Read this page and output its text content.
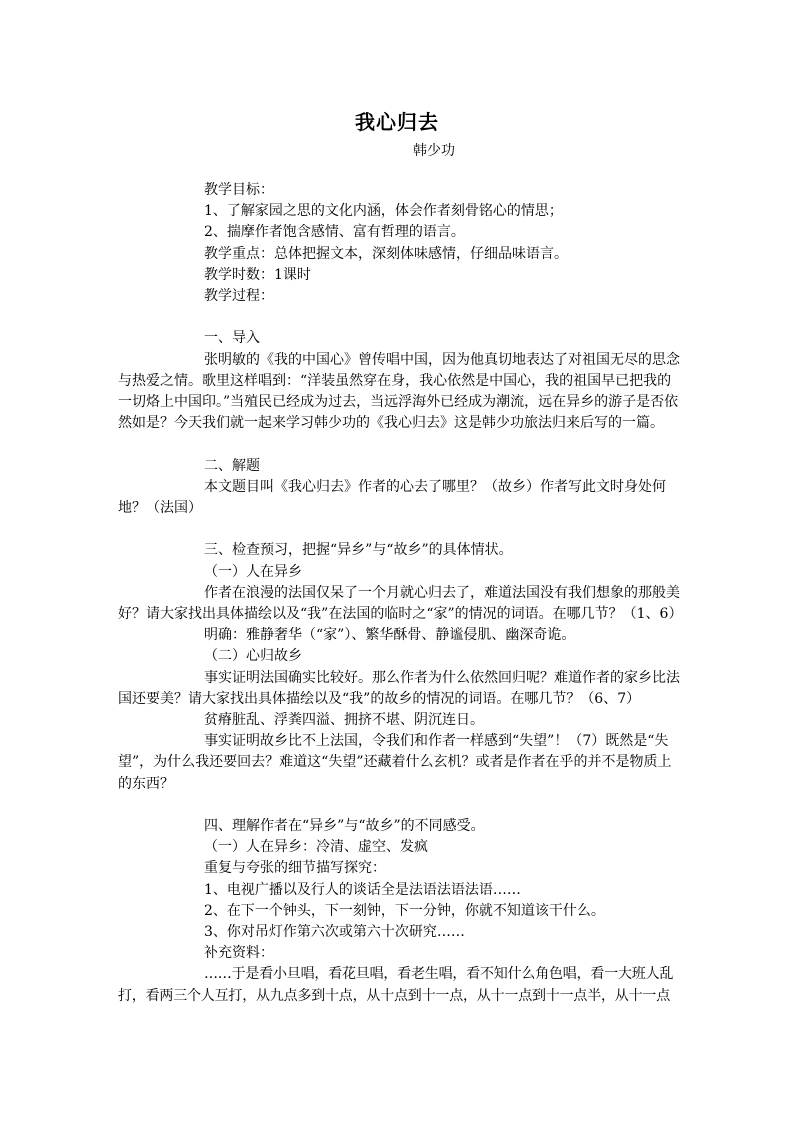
我心归去
韩少功

教学目标：

1、了解家园之思的文化内涵，体会作者刻骨铭心的情思；

2、揣摩作者饱含感情、富有哲理的语言。

教学重点：总体把握文本，深刻体味感情，仔细品味语言。

教学时数：1课时

教学过程：

一、导入

张明敏的《我的中国心》曾传唱中国，因为他真切地表达了对祖国无尽的思念与热爱之情。歌里这样唱到：“洋装虽然穿在身，我心依然是中国心，我的祖国早已把我的一切烙上中国印。”当殖民已经成为过去，当远浮海外已经成为潮流，远在异乡的游子是否依然如是？今天我们就一起来学习韩少功的《我心归去》这是韩少功旅法归来后写的一篇。

二、解题

本文题目叫《我心归去》作者的心去了哪里？（故乡）作者写此文时身处何地？（法国）

三、检查预习，把握“异乡”与“故乡”的具体情状。

（一）人在异乡

作者在浪漫的法国仅呆了一个月就心归去了，难道法国没有我们想象的那般美好？请大家找出具体描绘以及“我”在法国的临时之“家”的情况的词语。在哪几节？（1、6）

明确：雅静奢华（“家”）、繁华酥骨、静谧侵肌、幽深奇诡。

（二）心归故乡

事实证明法国确实比较好。那么作者为什么依然回归呢？难道作者的家乡比法国还要美？请大家找出具体描绘以及“我”的故乡的情况的词语。在哪几节？（6、7）

贫瘠脏乱、浮粪四溢、拥挤不堪、阴沉连日。

事实证明故乡比不上法国，令我们和作者一样感到“失望”！（7）既然是“失望”，为什么我还要回去？难道这“失望”还藏着什么玄机？或者是作者在乎的并不是物质上的东西？

四、理解作者在“异乡”与“故乡”的不同感受。

（一）人在异乡：冷清、虚空、发疯

重复与夸张的细节描写探究：

1、电视广播以及行人的谈话全是法语法语法语……

2、在下一个钟头，下一刻钟，下一分钟，你就不知道该干什么。

3、你对吊灯作第六次或第六十次研究……

补充资料：

……于是看小旦唱，看花旦唱，看老生唱，看不知什么角色唱，看一大班人乱打，看两三个人互打，从九点多到十点，从十点到十一点，从十一点到十一点半，从十一点
